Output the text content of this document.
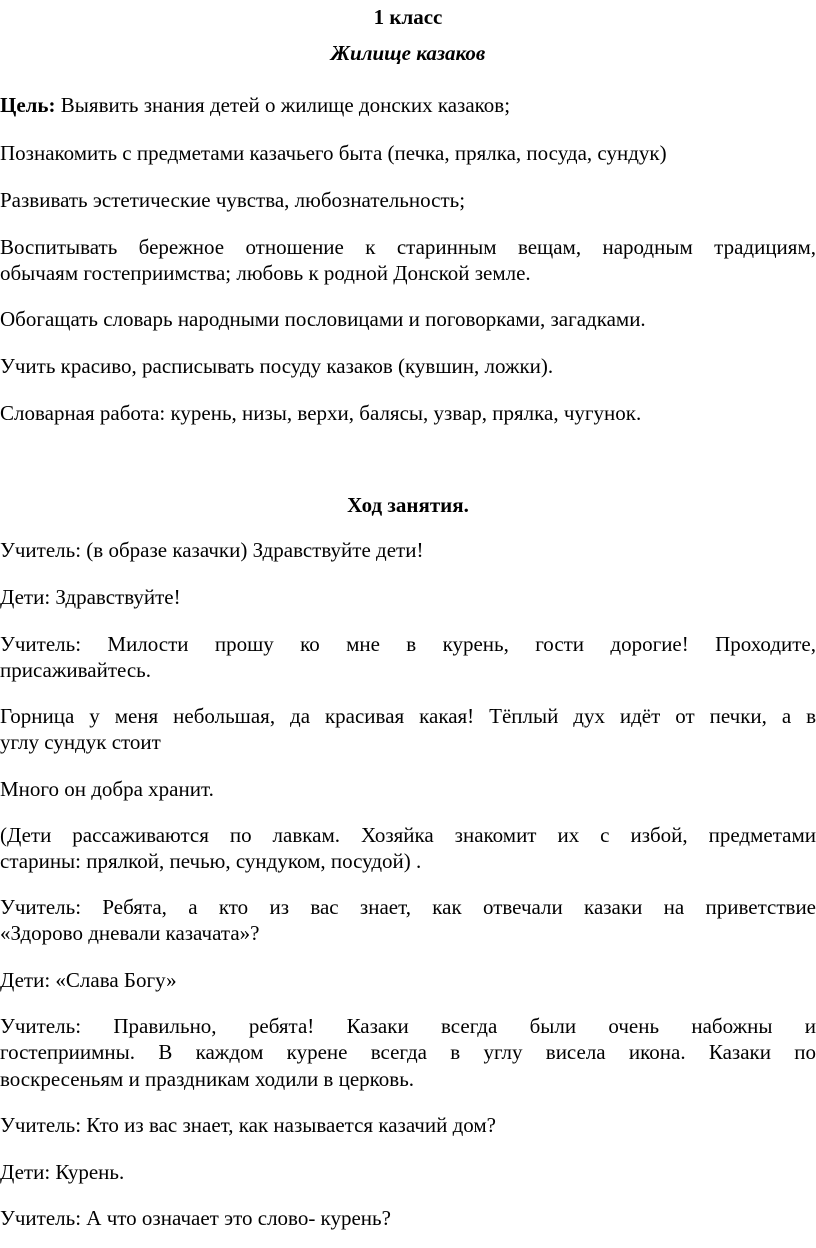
1 класс
Жилище казаков
Цель: Выявить знания детей о жилище донских казаков;
Познакомить с предметами казачьего быта (печка, прялка, посуда, сундук)
Развивать эстетические чувства, любознательность;
Воспитывать бережное отношение к старинным вещам, народным традициям,
обычаям гостеприимства; любовь к родной Донской земле.
Обогащать словарь народными пословицами и поговорками, загадками.
Учить красиво, расписывать посуду казаков (кувшин, ложки).
Словарная работа: курень, низы, верхи, балясы, узвар, прялка, чугунок.
Ход занятия.
Учитель: (в образе казачки) Здравствуйте дети!
Дети: Здравствуйте!
Учитель: Милости прошу ко мне в курень, гости дорогие! Проходите,
присаживайтесь.
Горница у меня небольшая, да красивая какая! Тёплый дух идёт от печки, а в
углу сундук стоит
Много он добра хранит.
(Дети рассаживаются по лавкам. Хозяйка знакомит их с избой, предметами
старины: прялкой, печью, сундуком, посудой) .
Учитель: Ребята, а кто из вас знает, как отвечали казаки на приветствие
«Здорово дневали казачата»?
Дети: «Слава Богу»
Учитель: Правильно, ребята! Казаки всегда были очень набожны и
гостеприимны. В каждом курене всегда в углу висела икона. Казаки по
воскресеньям и праздникам ходили в церковь.
Учитель: Кто из вас знает, как называется казачий дом?
Дети: Курень.
Учитель: А что означает это слово- курень?
